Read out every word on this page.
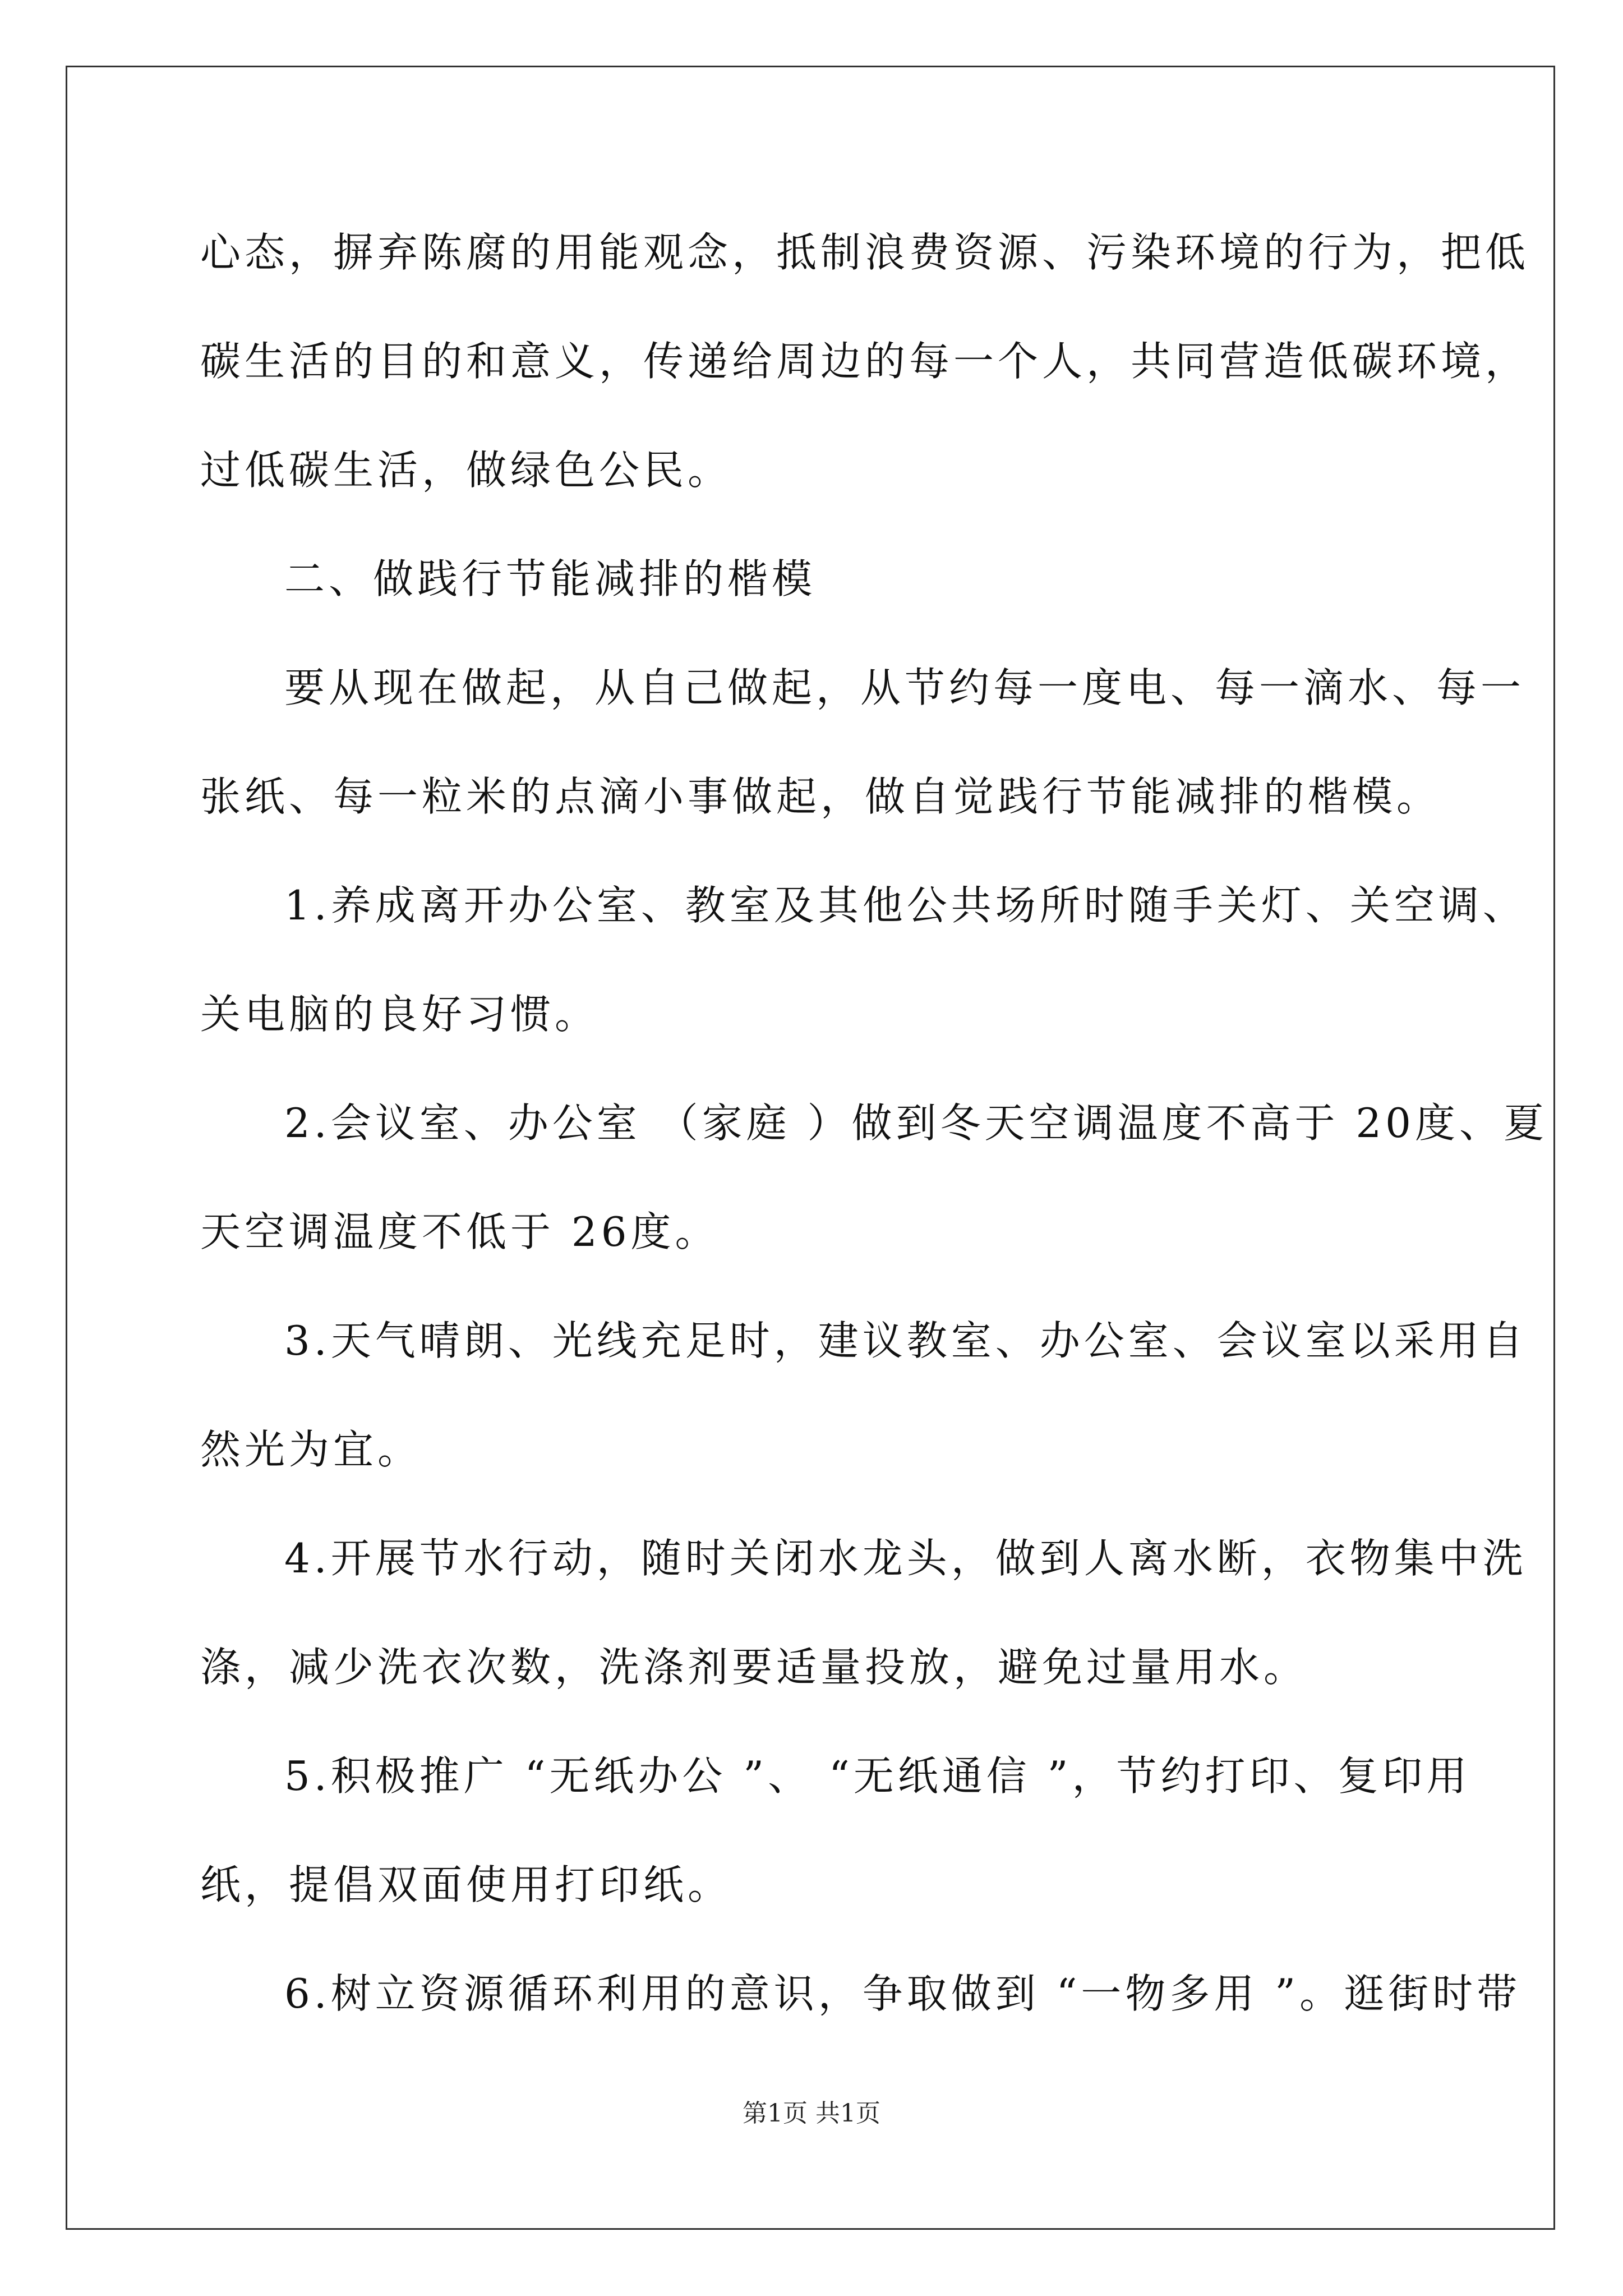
心态，摒弃陈腐的用能观念，抵制浪费资源、污染环境的行为，把低
碳生活的目的和意义，传递给周边的每一个人，共同营造低碳环境，
过低碳生活，做绿色公民。
二、做践行节能减排的楷模
要从现在做起，从自己做起，从节约每一度电、每一滴水、每一
张纸、每一粒米的点滴小事做起，做自觉践行节能减排的楷模。
1.养成离开办公室、教室及其他公共场所时随手关灯、关空调、
关电脑的良好习惯。
2.会议室、办公室 （家庭 ）做到冬天空调温度不高于 20度、夏
天空调温度不低于 26度。
3.天气晴朗、光线充足时，建议教室、办公室、会议室以采用自
然光为宜。
4.开展节水行动，随时关闭水龙头，做到人离水断，衣物集中洗
涤，减少洗衣次数，洗涤剂要适量投放，避免过量用水。
5.积极推广 “无纸办公 ”、 “无纸通信 ”，节约打印、复印用
纸，提倡双面使用打印纸。
6.树立资源循环利用的意识，争取做到 “一物多用 ”。逛街时带
第1页 共1页
